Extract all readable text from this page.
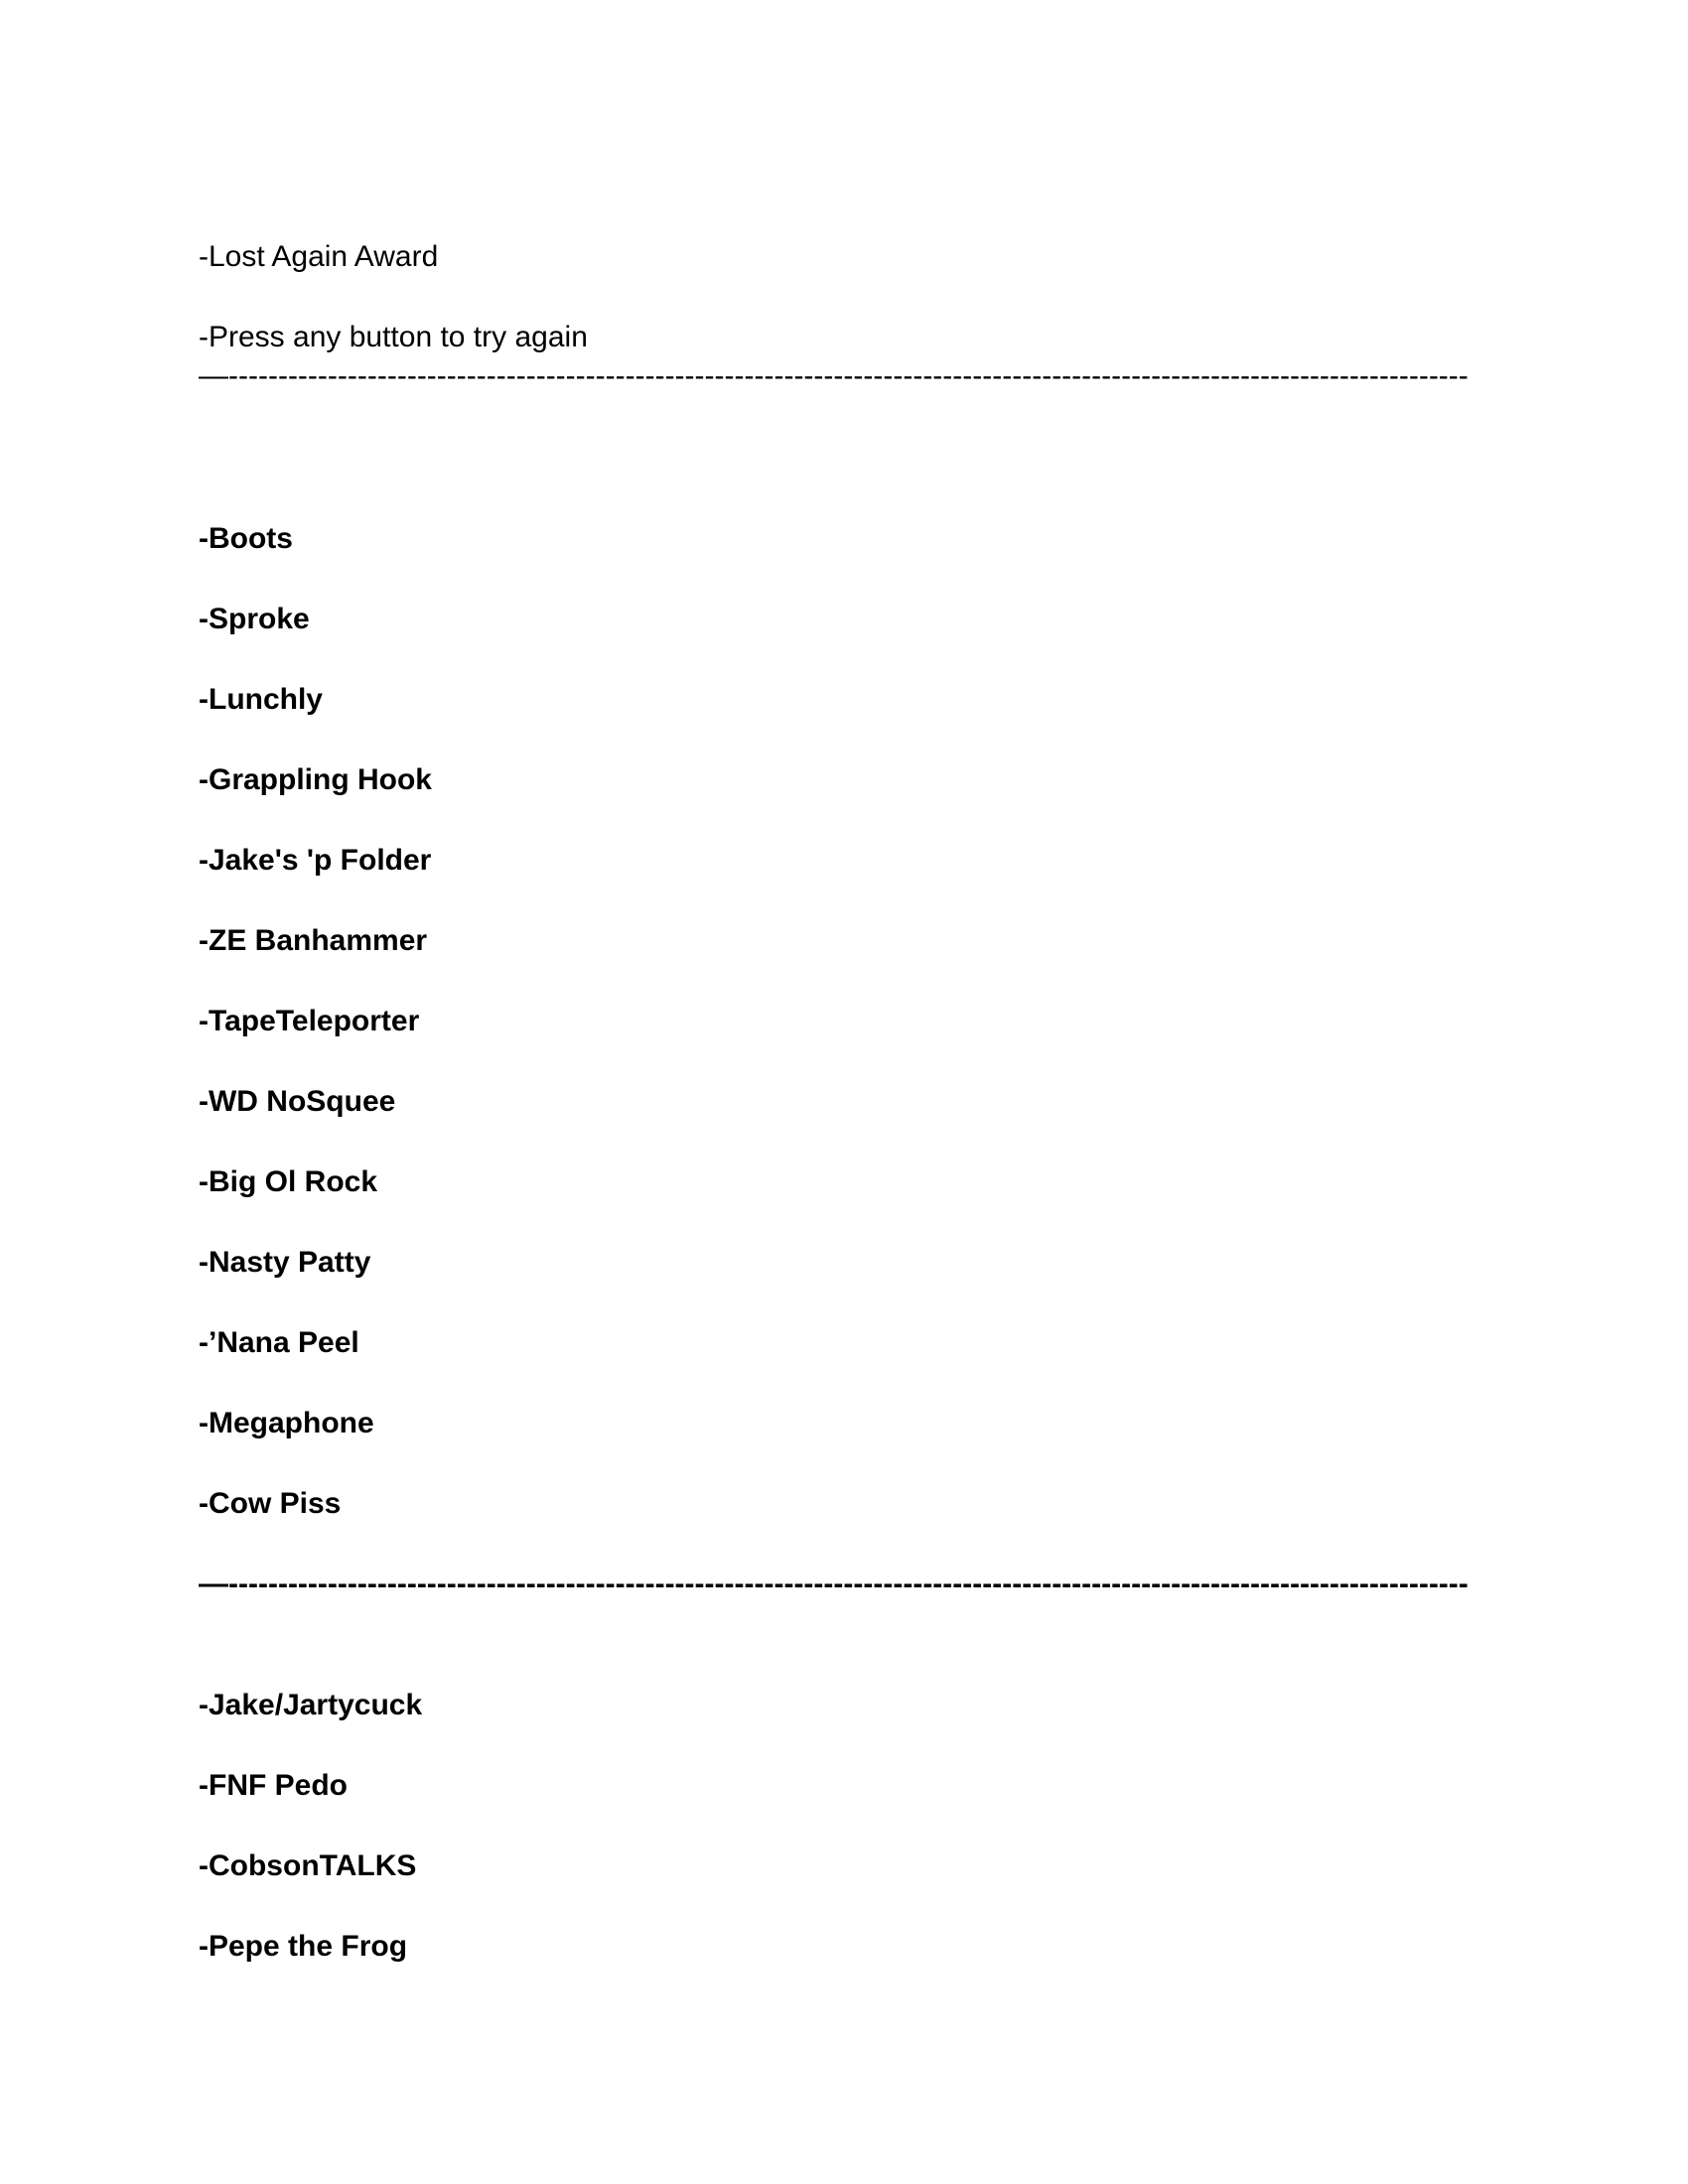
-Lost Again Award
-Press any button to try again
—-----------------------------------------------------------------------------------------------------------------------------
-Boots
-Sproke
-Lunchly
-Grappling Hook
-Jake's 'p Folder
-ZE Banhammer
-TapeTeleporter
-WD NoSquee
-Big Ol Rock
-Nasty Patty
-’Nana Peel
-Megaphone
-Cow Piss
—-----------------------------------------------------------------------------------------------------------------------------
-Jake/Jartycuck
-FNF Pedo
-CobsonTALKS
-Pepe the Frog
